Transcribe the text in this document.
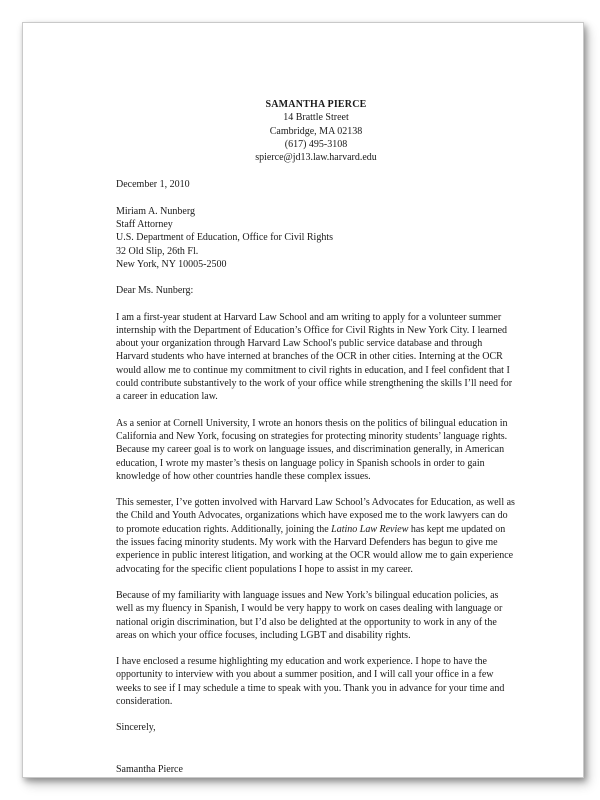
SAMANTHA PIERCE
14 Brattle Street
Cambridge, MA 02138
(617) 495-3108
spierce@jd13.law.harvard.edu
December 1, 2010
Miriam A. Nunberg
Staff Attorney
U.S. Department of Education, Office for Civil Rights
32 Old Slip, 26th Fl.
New York, NY 10005-2500
Dear Ms. Nunberg:

I am a first-year student at Harvard Law School and am writing to apply for a volunteer summer internship with the Department of Education’s Office for Civil Rights in New York City. I learned about your organization through Harvard Law School's public service database and through Harvard students who have interned at branches of the OCR in other cities. Interning at the OCR would allow me to continue my commitment to civil rights in education, and I feel confident that I could contribute substantively to the work of your office while strengthening the skills I’ll need for a career in education law.

As a senior at Cornell University, I wrote an honors thesis on the politics of bilingual education in California and New York, focusing on strategies for protecting minority students’ language rights. Because my career goal is to work on language issues, and discrimination generally, in American education, I wrote my master’s thesis on language policy in Spanish schools in order to gain knowledge of how other countries handle these complex issues.

This semester, I’ve gotten involved with Harvard Law School’s Advocates for Education, as well as the Child and Youth Advocates, organizations which have exposed me to the work lawyers can do to promote education rights. Additionally, joining the Latino Law Review has kept me updated on the issues facing minority students. My work with the Harvard Defenders has begun to give me experience in public interest litigation, and working at the OCR would allow me to gain experience advocating for the specific client populations I hope to assist in my career.

Because of my familiarity with language issues and New York’s bilingual education policies, as well as my fluency in Spanish, I would be very happy to work on cases dealing with language or national origin discrimination, but I’d also be delighted at the opportunity to work in any of the areas on which your office focuses, including LGBT and disability rights.

I have enclosed a resume highlighting my education and work experience. I hope to have the opportunity to interview with you about a summer position, and I will call your office in a few weeks to see if I may schedule a time to speak with you. Thank you in advance for your time and consideration.

Sincerely,
Samantha Pierce
